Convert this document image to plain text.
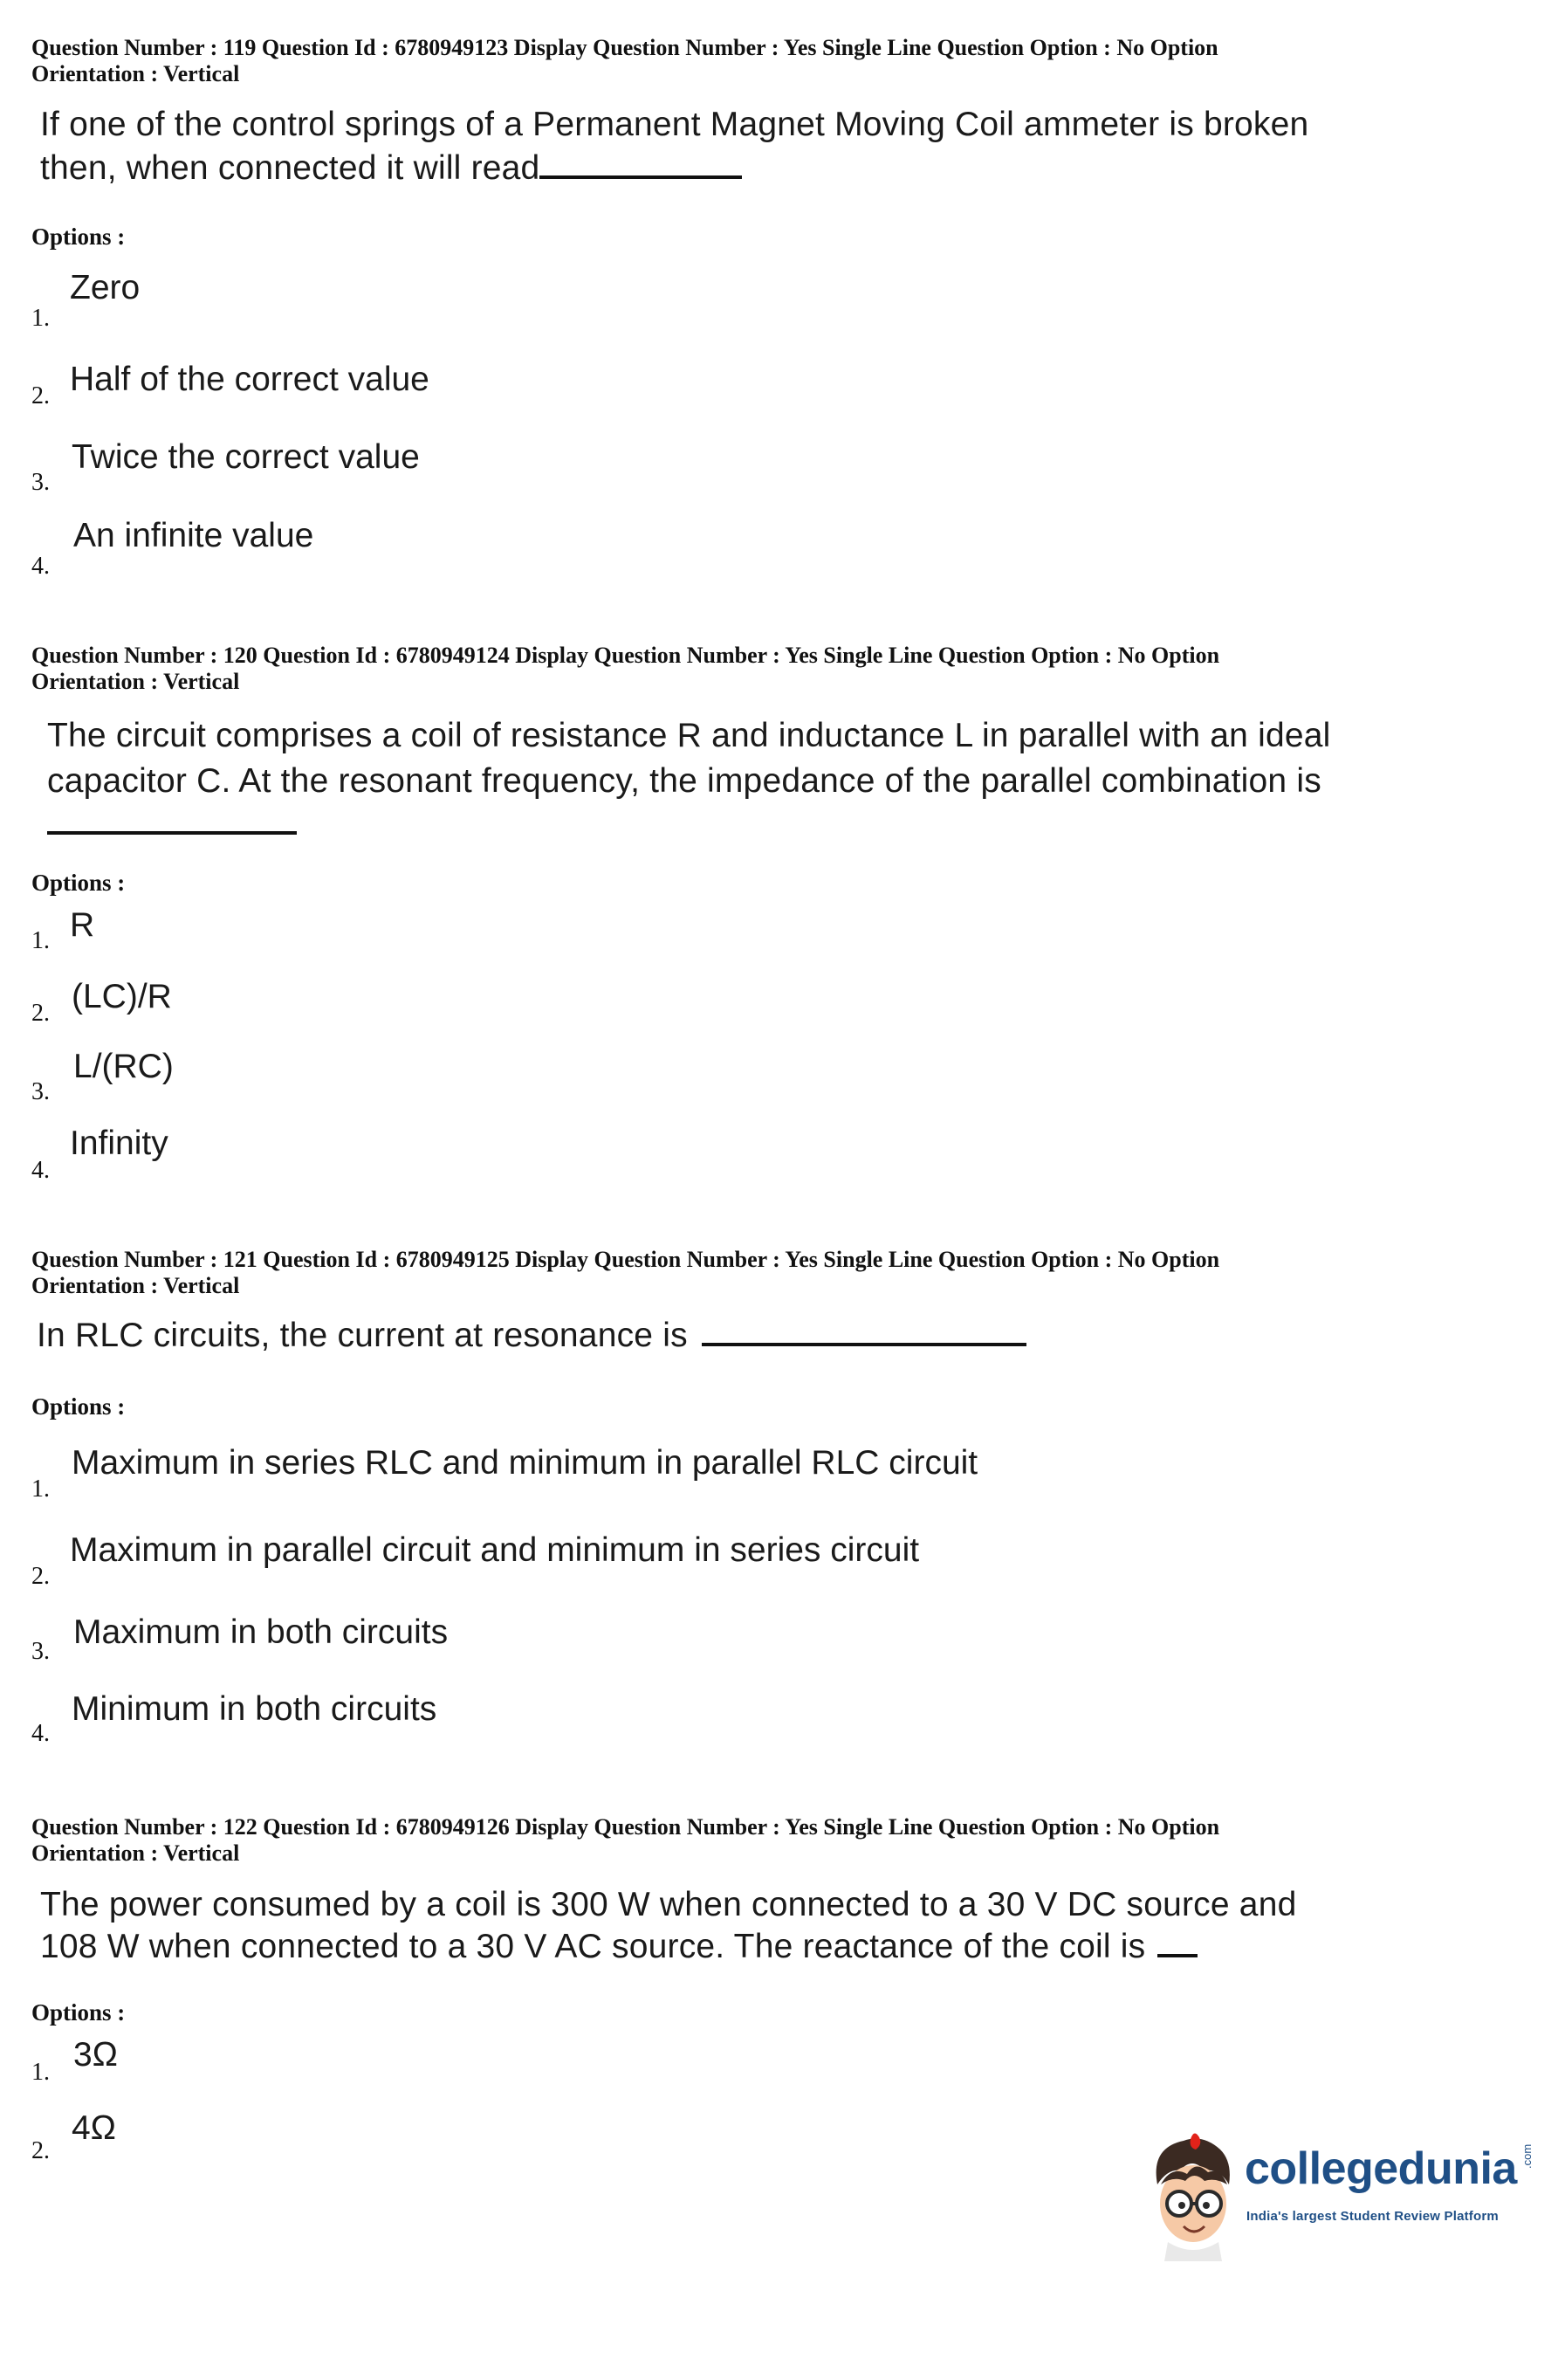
Question Number : 119 Question Id : 6780949123 Display Question Number : Yes Single Line Question Option : No Option

Orientation : Vertical

If one of the control springs of a Permanent Magnet Moving Coil ammeter is broken

then, when connected it will read

Options :
1.
Zero
2. Half of the correct value
3.
Twice the correct value
4.
An infinite value

Question Number : 120 Question Id : 6780949124 Display Question Number : Yes Single Line Question Option : No Option

Orientation : Vertical

The circuit comprises a coil of resistance R and inductance L in parallel with an ideal

capacitor C. At the resonant frequency, the impedance of the parallel combination is

Options :
1. R
2. (LC)/R
3.
L/(RC)
4.
Infinity

Question Number : 121 Question Id : 6780949125 Display Question Number : Yes Single Line Question Option : No Option

Orientation : Vertical

In RLC circuits, the current at resonance is

Options :
1.
Maximum in series RLC and minimum in parallel RLC circuit
2.
Maximum in parallel circuit and minimum in series circuit
3.
Maximum in both circuits
4.
Minimum in both circuits

Question Number : 122 Question Id : 6780949126 Display Question Number : Yes Single Line Question Option : No Option

Orientation : Vertical

The power consumed by a coil is 300 W when connected to a 30 V DC source and

108 W when connected to a 30 V AC source. The reactance of the coil is

Options :
1. 3Ω
2.
4Ω
collegedunia .com
India's largest Student Review Platform
